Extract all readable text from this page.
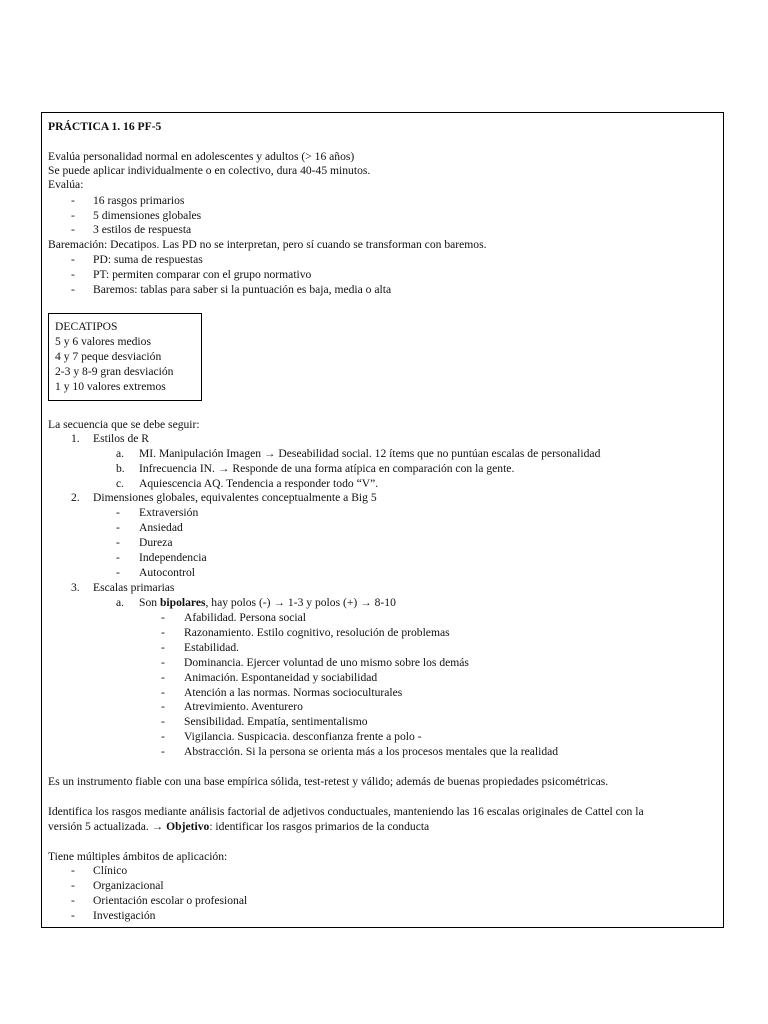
PRÁCTICA 1. 16 PF-5
Evalúa personalidad normal en adolescentes y adultos (> 16 años)
Se puede aplicar individualmente o en colectivo, dura 40-45 minutos.
Evalúa:
- 16 rasgos primarios
- 5 dimensiones globales
- 3 estilos de respuesta
Baremación: Decatipos. Las PD no se interpretan, pero sí cuando se transforman con baremos.
- PD: suma de respuestas
- PT: permiten comparar con el grupo normativo
- Baremos: tablas para saber si la puntuación es baja, media o alta
DECATIPOS
5 y 6 valores medios
4 y 7 peque desviación
2-3 y 8-9 gran desviación
1 y 10 valores extremos
La secuencia que se debe seguir:
1. Estilos de R
a. MI. Manipulación Imagen → Deseabilidad social. 12 ítems que no puntúan escalas de personalidad
b. Infrecuencia IN. → Responde de una forma atípica en comparación con la gente.
c. Aquiescencia AQ. Tendencia a responder todo “V”.
2. Dimensiones globales, equivalentes conceptualmente a Big 5
- Extraversión
- Ansiedad
- Dureza
- Independencia
- Autocontrol
3. Escalas primarias
a. Son bipolares, hay polos (-) → 1-3 y polos (+) → 8-10
- Afabilidad. Persona social
- Razonamiento. Estilo cognitivo, resolución de problemas
- Estabilidad.
- Dominancia. Ejercer voluntad de uno mismo sobre los demás
- Animación. Espontaneidad y sociabilidad
- Atención a las normas. Normas socioculturales
- Atrevimiento. Aventurero
- Sensibilidad. Empatía, sentimentalismo
- Vigilancia. Suspicacia. desconfianza frente a polo -
- Abstracción. Si la persona se orienta más a los procesos mentales que la realidad
Es un instrumento fiable con una base empírica sólida, test-retest y válido; además de buenas propiedades psicométricas.
Identifica los rasgos mediante análisis factorial de adjetivos conductuales, manteniendo las 16 escalas originales de Cattel con la
versión 5 actualizada. → Objetivo: identificar los rasgos primarios de la conducta
Tiene múltiples ámbitos de aplicación:
- Clínico
- Organizacional
- Orientación escolar o profesional
- Investigación
